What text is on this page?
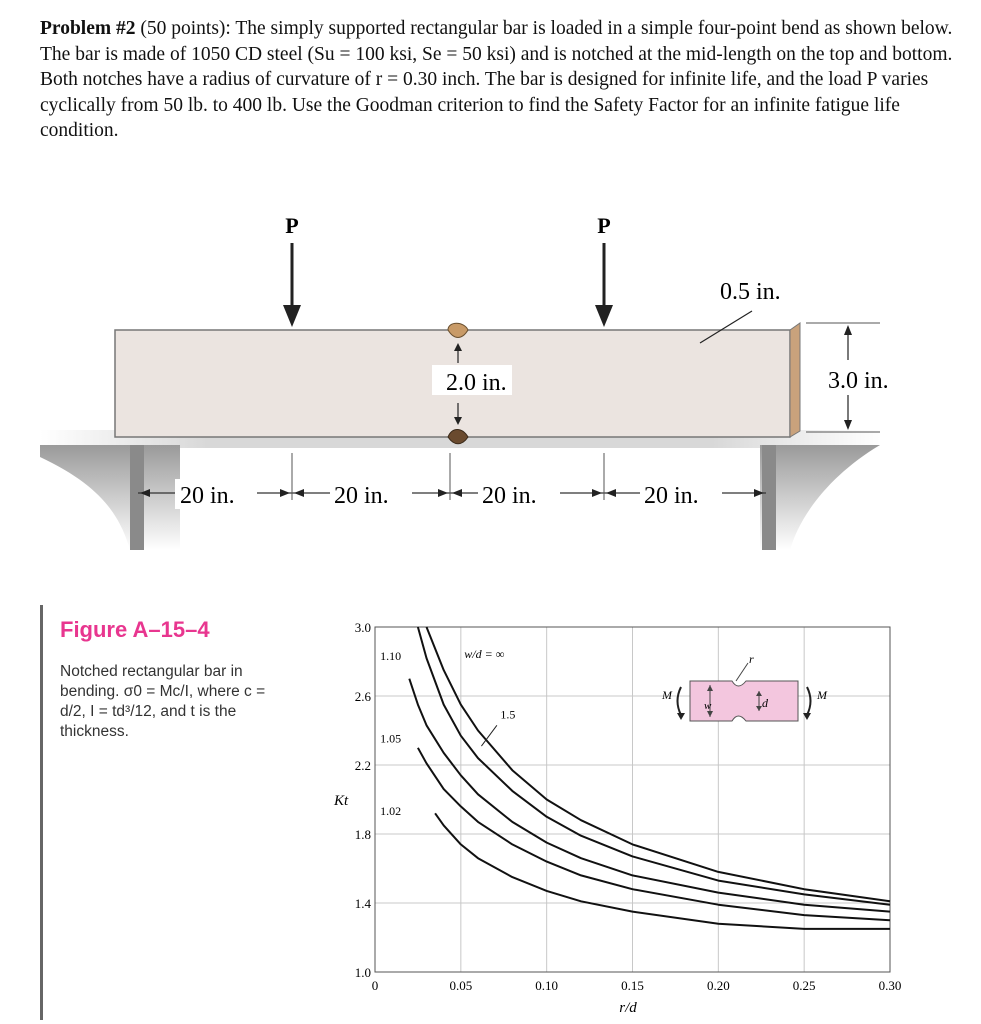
Problem #2 (50 points): The simply supported rectangular bar is loaded in a simple four-point bend as shown below. The bar is made of 1050 CD steel (Su = 100 ksi, Se = 50 ksi) and is notched at the mid-length on the top and bottom. Both notches have a radius of curvature of r = 0.30 inch. The bar is designed for infinite life, and the load P varies cyclically from 50 lb. to 400 lb. Use the Goodman criterion to find the Safety Factor for an infinite fatigue life condition.
P	P
0.5 in.
2.0 in.	3.0 in.
20 in.	20 in.	20 in.	20 in.
Figure A–15–4
Notched rectangular bar in bending. σ0 = Mc/I, where c = d/2, I = td³/12, and t is the thickness.
1.0
1.4
1.8
2.2
2.6
3.0
0	0.05	0.10	0.15	0.20	0.25	0.30
Kt
r/d
w/d = ∞
1.5
1.10
1.05
1.02
r
w	d
M	M
